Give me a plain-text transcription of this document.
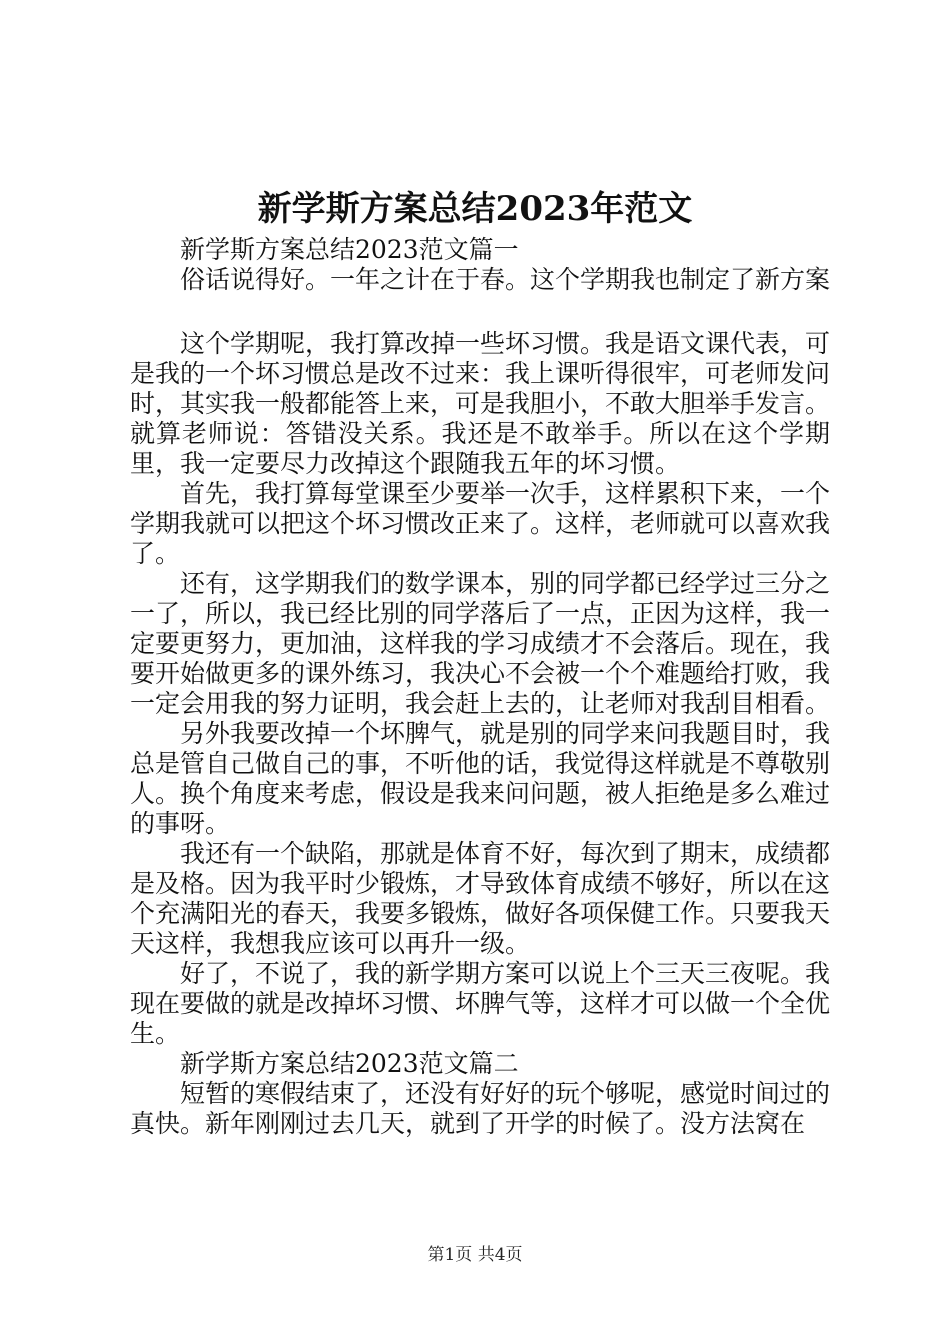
新学斯方案总结2023年范文

新学斯方案总结2023范文篇一

俗话说得好。一年之计在于春。这个学期我也制定了新方案

这个学期呢，我打算改掉一些坏习惯。我是语文课代表，可是我的一个坏习惯总是改不过来：我上课听得很牢，可老师发问时，其实我一般都能答上来，可是我胆小，不敢大胆举手发言。就算老师说：答错没关系。我还是不敢举手。所以在这个学期里，我一定要尽力改掉这个跟随我五年的坏习惯。

首先，我打算每堂课至少要举一次手，这样累积下来，一个学期我就可以把这个坏习惯改正来了。这样，老师就可以喜欢我了。

还有，这学期我们的数学课本，别的同学都已经学过三分之一了，所以，我已经比别的同学落后了一点，正因为这样，我一定要更努力，更加油，这样我的学习成绩才不会落后。现在，我要开始做更多的课外练习，我决心不会被一个个难题给打败，我一定会用我的努力证明，我会赶上去的，让老师对我刮目相看。

另外我要改掉一个坏脾气，就是别的同学来问我题目时，我总是管自己做自己的事，不听他的话，我觉得这样就是不尊敬别人。换个角度来考虑，假设是我来问问题，被人拒绝是多么难过的事呀。

我还有一个缺陷，那就是体育不好，每次到了期末，成绩都是及格。因为我平时少锻炼，才导致体育成绩不够好，所以在这个充满阳光的春天，我要多锻炼，做好各项保健工作。只要我天天这样，我想我应该可以再升一级。

好了，不说了，我的新学期方案可以说上个三天三夜呢。我现在要做的就是改掉坏习惯、坏脾气等，这样才可以做一个全优生。

新学斯方案总结2023范文篇二

短暂的寒假结束了，还没有好好的玩个够呢，感觉时间过的真快。新年刚刚过去几天，就到了开学的时候了。没方法窝在

第1页 共4页
